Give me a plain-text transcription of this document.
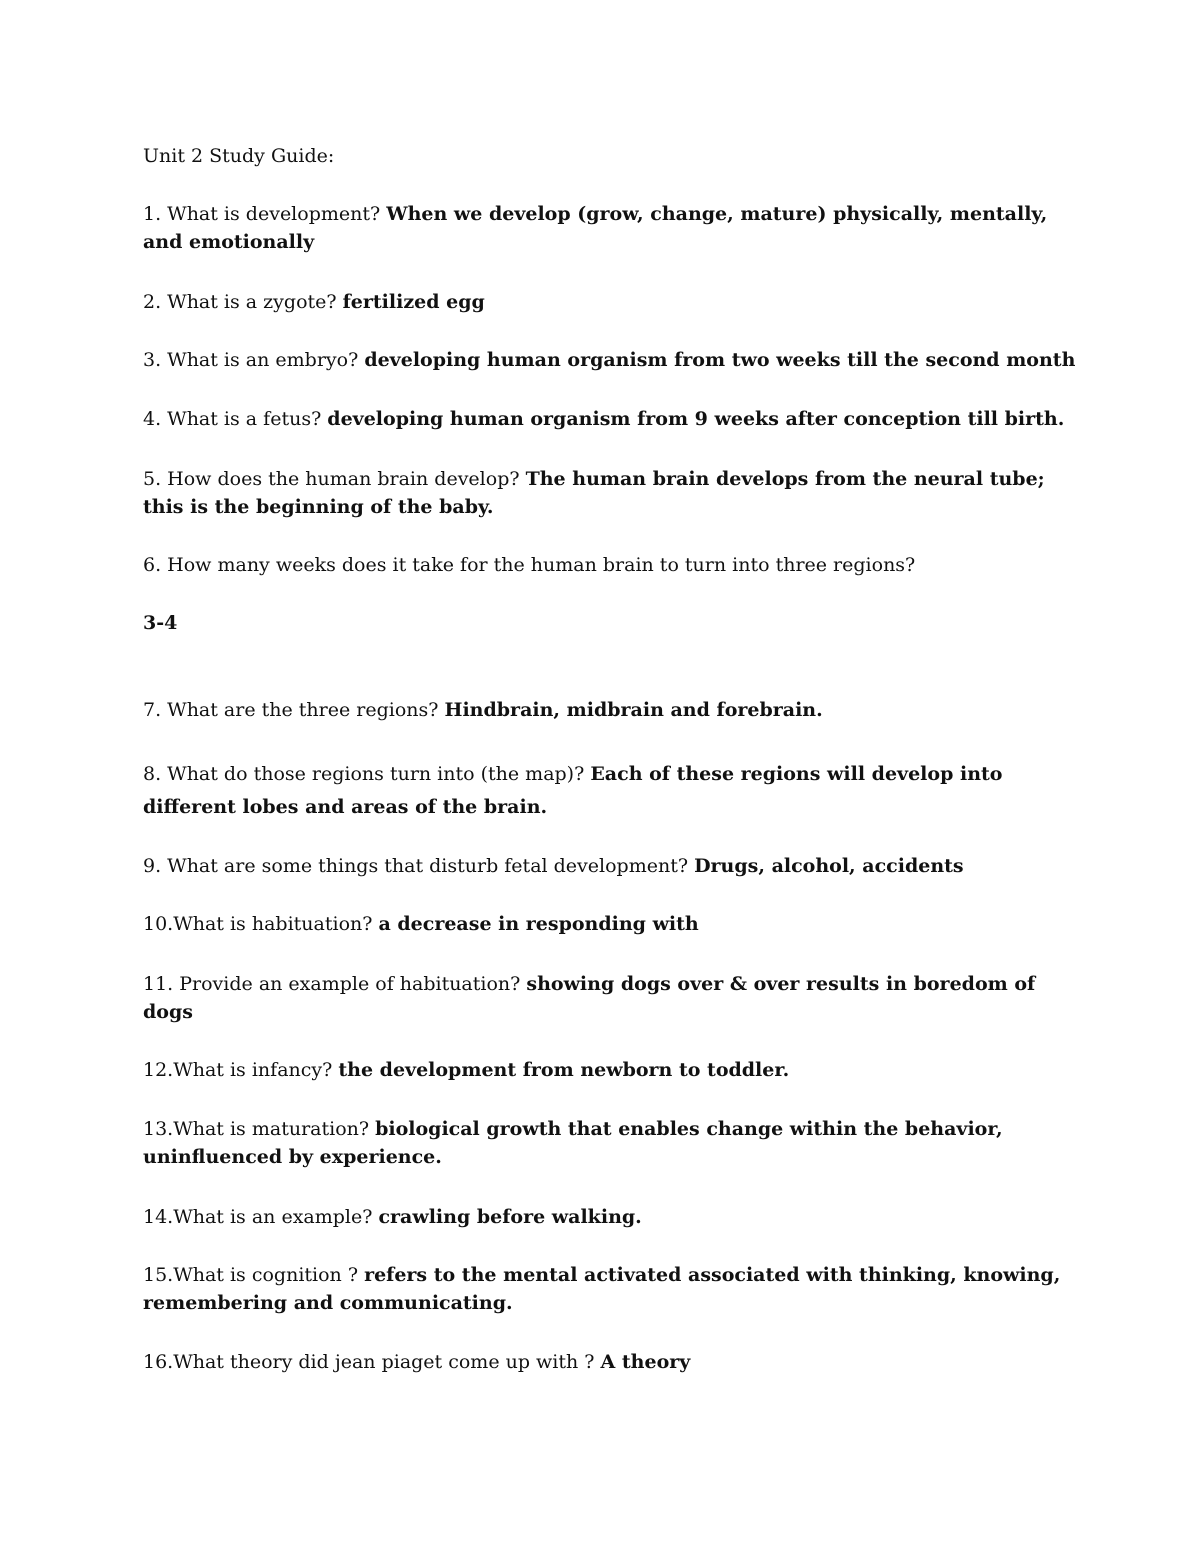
Unit 2 Study Guide:
1. What is development? When we develop (grow, change, mature) physically, mentally,
and emotionally
2. What is a zygote? fertilized egg
3. What is an embryo? developing human organism from two weeks till the second month
4. What is a fetus? developing human organism from 9 weeks after conception till birth.
5. How does the human brain develop? The human brain develops from the neural tube;
this is the beginning of the baby.
6. How many weeks does it take for the human brain to turn into three regions?
3-4
7. What are the three regions? Hindbrain, midbrain and forebrain.
8. What do those regions turn into (the map)? Each of these regions will develop into
different lobes and areas of the brain.
9. What are some things that disturb fetal development? Drugs, alcohol, accidents
10.What is habituation? a decrease in responding with
11. Provide an example of habituation? showing dogs over & over results in boredom of
dogs
12.What is infancy? the development from newborn to toddler.
13.What is maturation? biological growth that enables change within the behavior,
uninfluenced by experience.
14.What is an example? crawling before walking.
15.What is cognition ? refers to the mental activated associated with thinking, knowing,
remembering and communicating.
16.What theory did jean piaget come up with ? A theory
